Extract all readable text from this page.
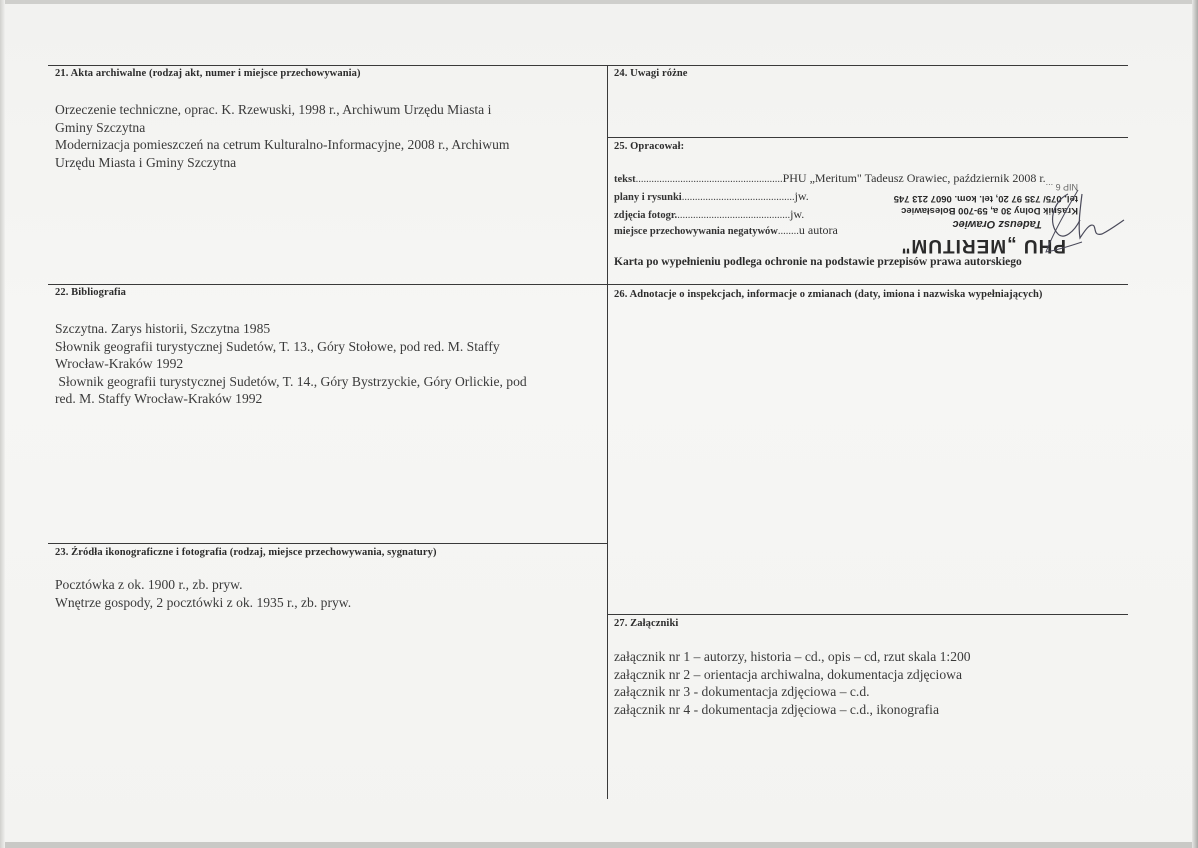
21. Akta archiwalne (rodzaj akt, numer i miejsce przechowywania)
Orzeczenie techniczne, oprac. K. Rzewuski, 1998 r., Archiwum Urzędu Miasta i
Gminy Szczytna
Modernizacja pomieszczeń na cetrum Kulturalno-Informacyjne, 2008 r., Archiwum
Urzędu Miasta i Gminy Szczytna
24. Uwagi różne
25. Opracował:
tekst........................................................PHU „Meritum" Tadeusz Orawiec, październik 2008 r.
plany i rysunki...........................................jw.
zdjęcia fotogr............................................jw.
miejsce przechowywania negatywów........u autora
PHU „MERITUM"
Tadeusz Orawiec
Kraśnik Dolny 30 a, 59-700 Bolesławiec
tel. 075/ 735 97 20, tel. kom. 0607 213 745
NIP 6 ...
Karta po wypełnieniu podlega ochronie na podstawie przepisów prawa autorskiego
22. Bibliografia
Szczytna. Zarys historii, Szczytna 1985
Słownik geografii turystycznej Sudetów, T. 13., Góry Stołowe, pod red. M. Staffy
Wrocław-Kraków 1992
Słownik geografii turystycznej Sudetów, T. 14., Góry Bystrzyckie, Góry Orlickie, pod
red. M. Staffy Wrocław-Kraków 1992
26. Adnotacje o inspekcjach, informacje o zmianach (daty, imiona i nazwiska wypełniających)
23. Źródła ikonograficzne i fotografia (rodzaj, miejsce przechowywania, sygnatury)
Pocztówka z ok. 1900 r., zb. pryw.
Wnętrze gospody, 2 pocztówki z ok. 1935 r., zb. pryw.
27. Załączniki
załącznik nr 1 – autorzy, historia – cd., opis – cd, rzut skala 1:200
załącznik nr 2 – orientacja archiwalna, dokumentacja zdjęciowa
załącznik nr 3 - dokumentacja zdjęciowa – c.d.
załącznik nr 4 - dokumentacja zdjęciowa – c.d., ikonografia
